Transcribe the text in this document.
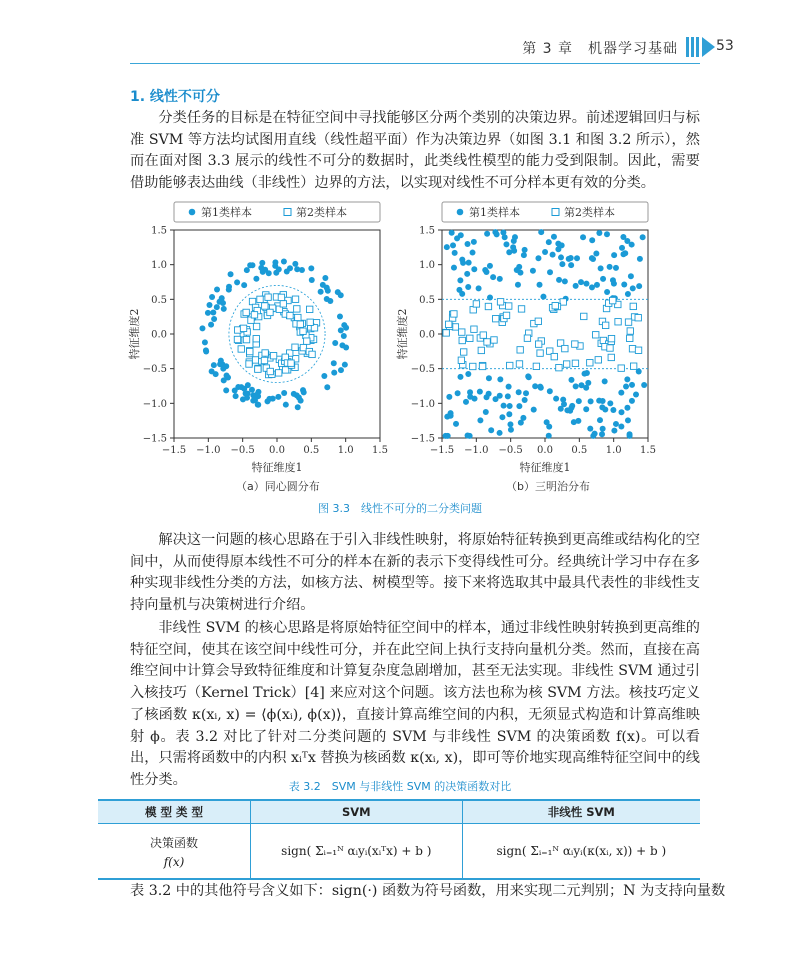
第 3 章　机器学习基础	53
1. 线性不可分

分类任务的目标是在特征空间中寻找能够区分两个类别的决策边界。前述逻辑回归与标准 SVM 等方法均试图用直线（线性超平面）作为决策边界（如图 3.1 和图 3.2 所示），然而在面对图 3.3 展示的线性不可分的数据时，此类线性模型的能力受到限制。因此，需要借助能够表达曲线（非线性）边界的方法，以实现对线性不可分样本更有效的分类。

−1.5
−1.5
−1.0
−1.0
−0.5
−0.5
0.0
0.0
0.5
0.5
1.0
1.0
1.5
1.5
特征维度1
特征维度2
第1类样本	第2类样本
−1.5
−1.5
−1.0
−1.0
−0.5
−0.5
0.0
0.0
0.5
0.5
1.0
1.0
1.5
1.5
特征维度1
特征维度2
第1类样本	第2类样本
（a）同心圆分布	（b）三明治分布
图 3.3　线性不可分的二分类问题

解决这一问题的核心思路在于引入非线性映射，将原始特征转换到更高维或结构化的空间中，从而使得原本线性不可分的样本在新的表示下变得线性可分。经典统计学习中存在多种实现非线性分类的方法，如核方法、树模型等。接下来将选取其中最具代表性的非线性支持向量机与决策树进行介绍。

非线性 SVM 的核心思路是将原始特征空间中的样本，通过非线性映射转换到更高维的特征空间，使其在该空间中线性可分，并在此空间上执行支持向量机分类。然而，直接在高维空间中计算会导致特征维度和计算复杂度急剧增加，甚至无法实现。非线性 SVM 通过引入核技巧（Kernel Trick）[4] 来应对这个问题。该方法也称为核 SVM 方法。核技巧定义了核函数 κ(xᵢ, x) = ⟨ϕ(xᵢ), ϕ(x)⟩，直接计算高维空间的内积，无须显式构造和计算高维映射 ϕ。表 3.2 对比了针对二分类问题的 SVM 与非线性 SVM 的决策函数 f(x)。可以看出，只需将函数中的内积 xᵢᵀx 替换为核函数 κ(xᵢ, x)，即可等价地实现高维特征空间中的线性分类。	表 3.2　SVM 与非线性 SVM 的决策函数对比
模 型 类 型	SVM	非线性 SVM

决策函数
f(x)	sign( Σᵢ₌₁ᴺ αᵢyᵢ(xᵢᵀx) + b )	sign( Σᵢ₌₁ᴺ αᵢyᵢ(κ(xᵢ, x)) + b )
表 3.2 中的其他符号含义如下：sign(·) 函数为符号函数，用来实现二元判别；N 为支持向量数
